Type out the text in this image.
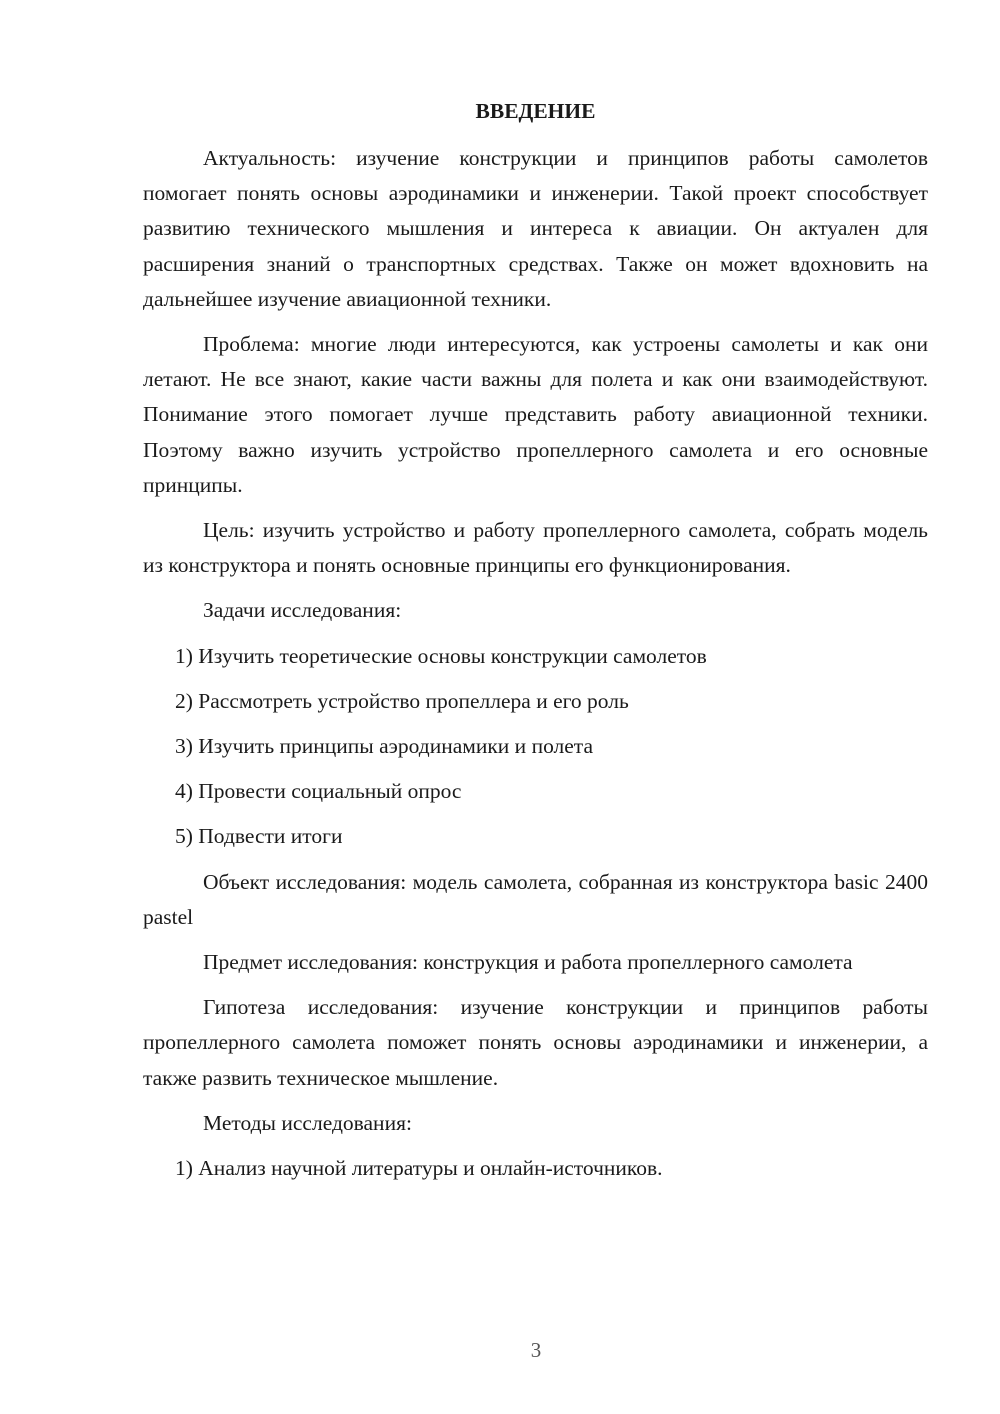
ВВЕДЕНИЕ

Актуальность: изучение конструкции и принципов работы самолетов помогает понять основы аэродинамики и инженерии. Такой проект способствует развитию технического мышления и интереса к авиации. Он актуален для расширения знаний о транспортных средствах. Также он может вдохновить на дальнейшее изучение авиационной техники.

Проблема: многие люди интересуются, как устроены самолеты и как они летают. Не все знают, какие части важны для полета и как они взаимодействуют. Понимание этого помогает лучше представить работу авиационной техники. Поэтому важно изучить устройство пропеллерного самолета и его основные принципы.

Цель: изучить устройство и работу пропеллерного самолета, собрать модель из конструктора и понять основные принципы его функционирования.

Задачи исследования:

1) Изучить теоретические основы конструкции самолетов
2) Рассмотреть устройство пропеллера и его роль
3) Изучить принципы аэродинамики и полета
4) Провести социальный опрос
5) Подвести итоги

Объект исследования: модель самолета, собранная из конструктора basic 2400 pastel

Предмет исследования: конструкция и работа пропеллерного самолета

Гипотеза исследования: изучение конструкции и принципов работы пропеллерного самолета поможет понять основы аэродинамики и инженерии, а также развить техническое мышление.

Методы исследования:

1) Анализ научной литературы и онлайн-источников.
3
